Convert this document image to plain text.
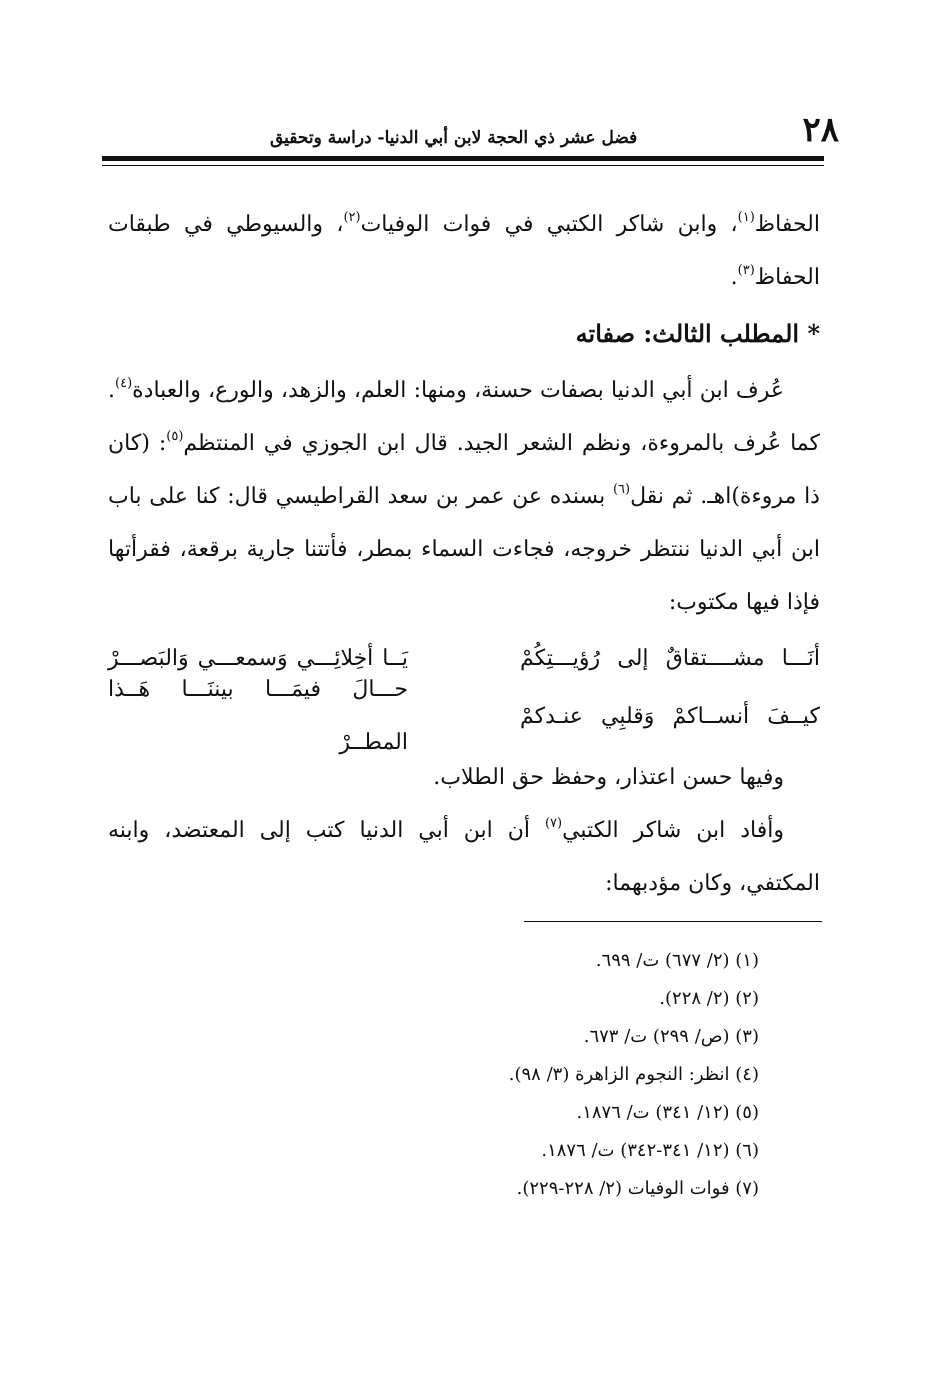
٢٨
فضل عشر ذي الحجة لابن أبي الدنيا- دراسة وتحقيق

الحفاظ$^{(١)}$، وابن شاكر الكتبي في فوات الوفيات$^{(٢)}$، والسيوطي في طبقات الحفاظ$^{(٣)}$.

* المطلب الثالث: صفاته

عُرف ابن أبي الدنيا بصفات حسنة، ومنها: العلم، والزهد، والورع، والعبادة$^{(٤)}$. كما عُرف بالمروءة، ونظم الشعر الجيد. قال ابن الجوزي في المنتظم$^{(٥)}$: (كان ذا مروءة)اهـ. ثم نقل$^{(٦)}$ بسنده عن عمر بن سعد القراطيسي قال: كنا على باب ابن أبي الدنيا ننتظر خروجه، فجاءت السماء بمطر، فأتتنا جارية برقعة، فقرأتها فإذا فيها مكتوب:

أنَـــا مشــــتقاقٌ إلى رُؤيـــتِكُمْ
يَــا أخِلائِـــي وَسمعـــي وَالبَصـــرْ
كيــفَ أنســاكمْ وَقلبِي عنـدكمْ
حـــالَ فيمَـــا بيننَـــا هَــذا المطــرْ

وفيها حسن اعتذار، وحفظ حق الطلاب.

وأفاد ابن شاكر الكتبي$^{(٧)}$ أن ابن أبي الدنيا كتب إلى المعتضد، وابنه المكتفي، وكان مؤدبهما:

(١) (٢/ ٦٧٧) ت/ ٦٩٩.
(٢) (٢/ ٢٢٨).
(٣) (ص/ ٢٩٩) ت/ ٦٧٣.
(٤) انظر: النجوم الزاهرة (٣/ ٩٨).
(٥) (١٢/ ٣٤١) ت/ ١٨٧٦.
(٦) (١٢/ ٣٤١-٣٤٢) ت/ ١٨٧٦.
(٧) فوات الوفيات (٢/ ٢٢٨-٢٢٩).
